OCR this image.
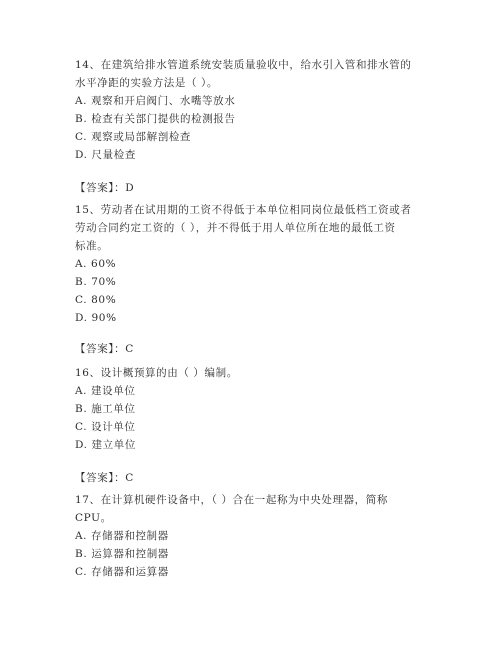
14、在建筑给排水管道系统安装质量验收中，给水引入管和排水管的
水平净距的实验方法是（ ）。
A. 观察和开启阀门、水嘴等放水
B. 检查有关部门提供的检测报告
C. 观察或局部解剖检查
D. 尺量检查
【答案】：D
15、劳动者在试用期的工资不得低于本单位相同岗位最低档工资或者
劳动合同约定工资的（ ），并不得低于用人单位所在地的最低工资
标准。
A. 60%
B. 70%
C. 80%
D. 90%
【答案】：C
16、设计概预算的由（ ）编制。
A. 建设单位
B. 施工单位
C. 设计单位
D. 建立单位
【答案】：C
17、在计算机硬件设备中，（ ）合在一起称为中央处理器，简称
CPU。
A. 存储器和控制器
B. 运算器和控制器
C. 存储器和运算器
